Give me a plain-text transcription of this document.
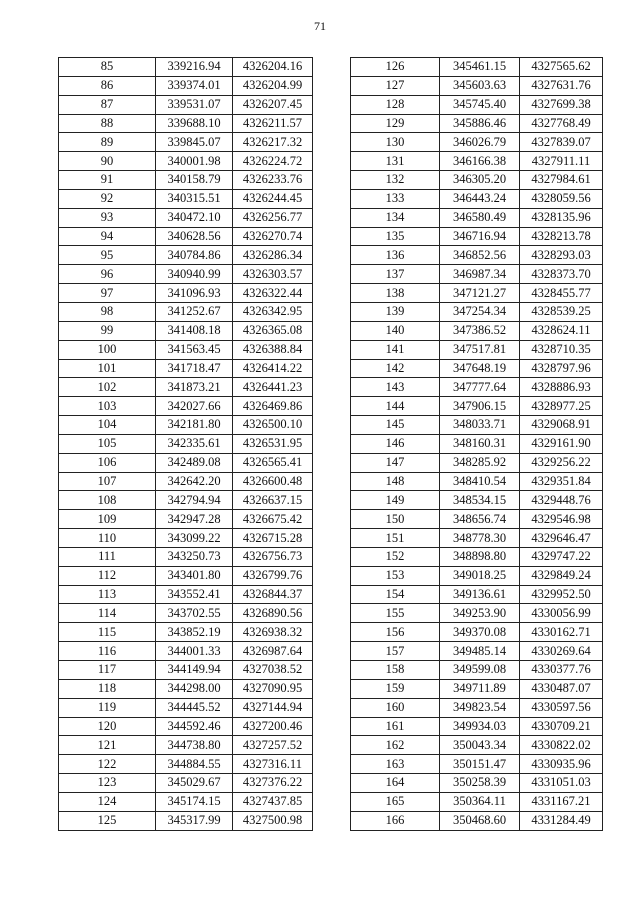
71
85	339216.94	4326204.16
86	339374.01	4326204.99
87	339531.07	4326207.45
88	339688.10	4326211.57
89	339845.07	4326217.32
90	340001.98	4326224.72
91	340158.79	4326233.76
92	340315.51	4326244.45
93	340472.10	4326256.77
94	340628.56	4326270.74
95	340784.86	4326286.34
96	340940.99	4326303.57
97	341096.93	4326322.44
98	341252.67	4326342.95
99	341408.18	4326365.08
100	341563.45	4326388.84
101	341718.47	4326414.22
102	341873.21	4326441.23
103	342027.66	4326469.86
104	342181.80	4326500.10
105	342335.61	4326531.95
106	342489.08	4326565.41
107	342642.20	4326600.48
108	342794.94	4326637.15
109	342947.28	4326675.42
110	343099.22	4326715.28
111	343250.73	4326756.73
112	343401.80	4326799.76
113	343552.41	4326844.37
114	343702.55	4326890.56
115	343852.19	4326938.32
116	344001.33	4326987.64
117	344149.94	4327038.52
118	344298.00	4327090.95
119	344445.52	4327144.94
120	344592.46	4327200.46
121	344738.80	4327257.52
122	344884.55	4327316.11
123	345029.67	4327376.22
124	345174.15	4327437.85
125	345317.99	4327500.98
126	345461.15	4327565.62
127	345603.63	4327631.76
128	345745.40	4327699.38
129	345886.46	4327768.49
130	346026.79	4327839.07
131	346166.38	4327911.11
132	346305.20	4327984.61
133	346443.24	4328059.56
134	346580.49	4328135.96
135	346716.94	4328213.78
136	346852.56	4328293.03
137	346987.34	4328373.70
138	347121.27	4328455.77
139	347254.34	4328539.25
140	347386.52	4328624.11
141	347517.81	4328710.35
142	347648.19	4328797.96
143	347777.64	4328886.93
144	347906.15	4328977.25
145	348033.71	4329068.91
146	348160.31	4329161.90
147	348285.92	4329256.22
148	348410.54	4329351.84
149	348534.15	4329448.76
150	348656.74	4329546.98
151	348778.30	4329646.47
152	348898.80	4329747.22
153	349018.25	4329849.24
154	349136.61	4329952.50
155	349253.90	4330056.99
156	349370.08	4330162.71
157	349485.14	4330269.64
158	349599.08	4330377.76
159	349711.89	4330487.07
160	349823.54	4330597.56
161	349934.03	4330709.21
162	350043.34	4330822.02
163	350151.47	4330935.96
164	350258.39	4331051.03
165	350364.11	4331167.21
166	350468.60	4331284.49
